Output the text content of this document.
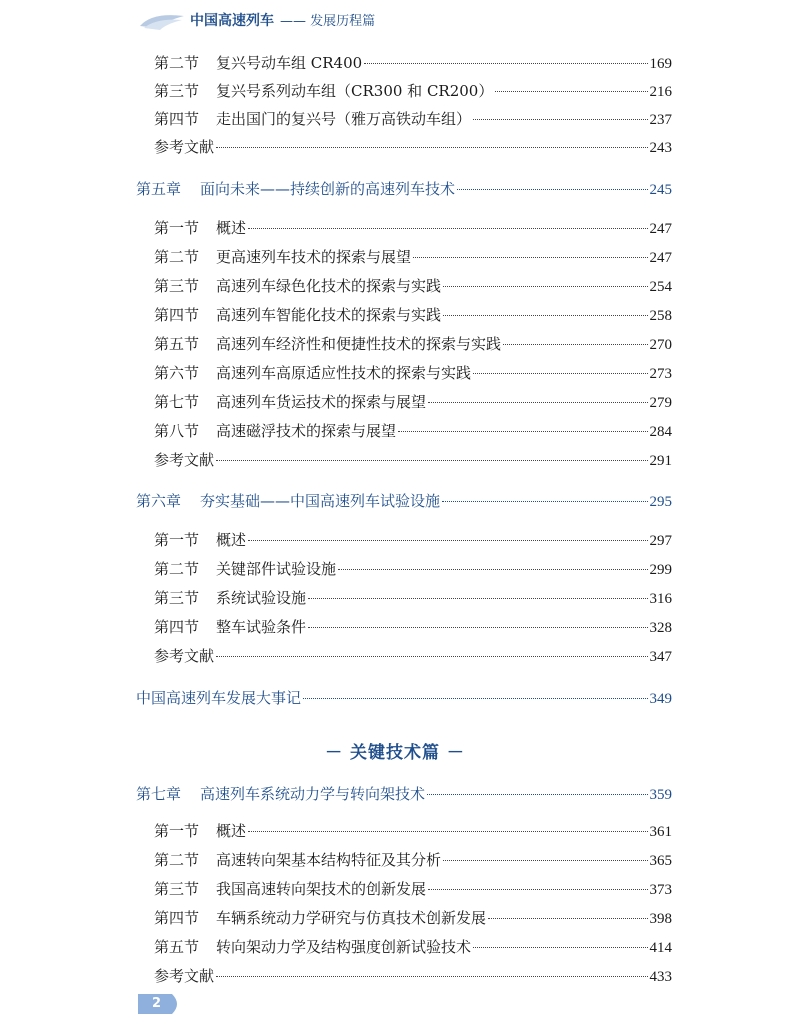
中国高速列车 —— 发展历程篇
第二节	复兴号动车组 CR400	169
第三节	复兴号系列动车组（CR300 和 CR200）	216
第四节	走出国门的复兴号（雅万高铁动车组）	237
参考文献	243
第五章	面向未来——持续创新的高速列车技术	245
第一节	概述	247
第二节	更高速列车技术的探索与展望	247
第三节	高速列车绿色化技术的探索与实践	254
第四节	高速列车智能化技术的探索与实践	258
第五节	高速列车经济性和便捷性技术的探索与实践	270
第六节	高速列车高原适应性技术的探索与实践	273
第七节	高速列车货运技术的探索与展望	279
第八节	高速磁浮技术的探索与展望	284
参考文献	291
第六章	夯实基础——中国高速列车试验设施	295
第一节	概述	297
第二节	关键部件试验设施	299
第三节	系统试验设施	316
第四节	整车试验条件	328
参考文献	347
中国高速列车发展大事记	349
第七章	高速列车系统动力学与转向架技术	359
第一节	概述	361
第二节	高速转向架基本结构特征及其分析	365
第三节	我国高速转向架技术的创新发展	373
第四节	车辆系统动力学研究与仿真技术创新发展	398
第五节	转向架动力学及结构强度创新试验技术	414
参考文献	433
－ 关键技术篇 －
2
